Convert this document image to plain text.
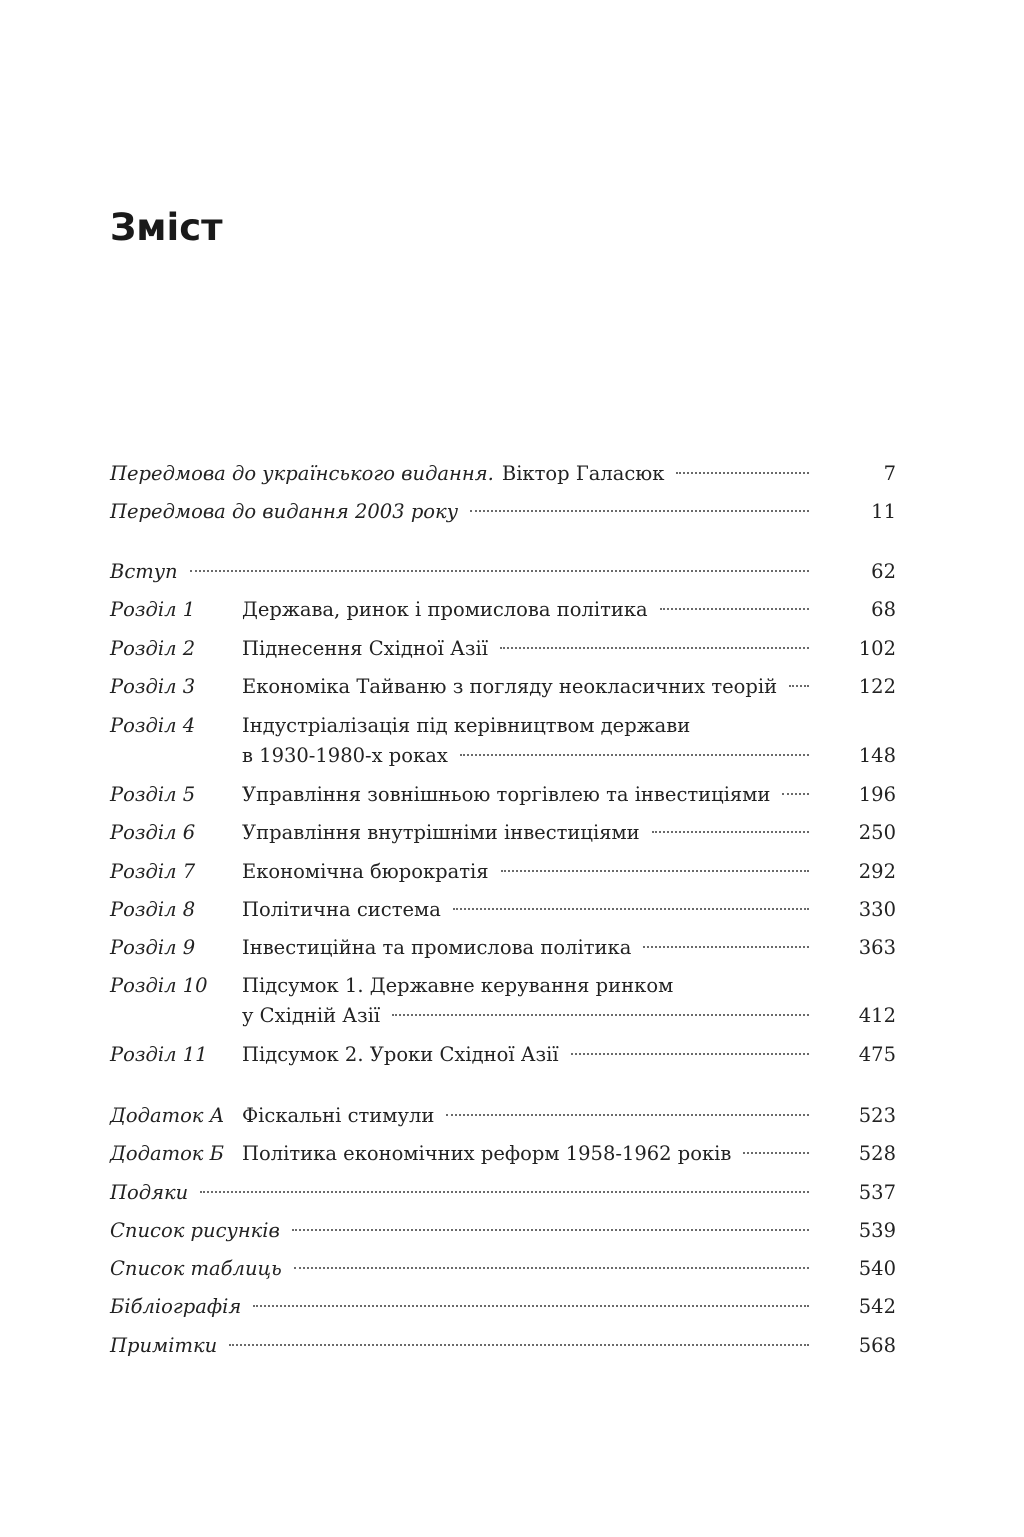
Зміст
Передмова до українського видання. Віктор Галасюк	7
Передмова до видання 2003 року	11
Вступ	62
Розділ 1 Держава, ринок і промислова політика	68
Розділ 2 Піднесення Східної Азії	102
Розділ 3 Економіка Тайваню з погляду неокласичних теорій	122
Розділ 4 Індустріалізація під керівництвом держави
в 1930-1980-х роках	148
Розділ 5 Управління зовнішньою торгівлею та інвестиціями	196
Розділ 6 Управління внутрішніми інвестиціями	250
Розділ 7 Економічна бюрократія	292
Розділ 8 Політична система	330
Розділ 9 Інвестиційна та промислова політика	363
Розділ 10 Підсумок 1. Державне керування ринком
у Східній Азії	412
Розділ 11 Підсумок 2. Уроки Східної Азії	475
Додаток А Фіскальні стимули	523
Додаток Б Політика економічних реформ 1958-1962 років	528
Подяки	537
Список рисунків	539
Список таблиць	540
Бібліографія	542
Примітки	568
